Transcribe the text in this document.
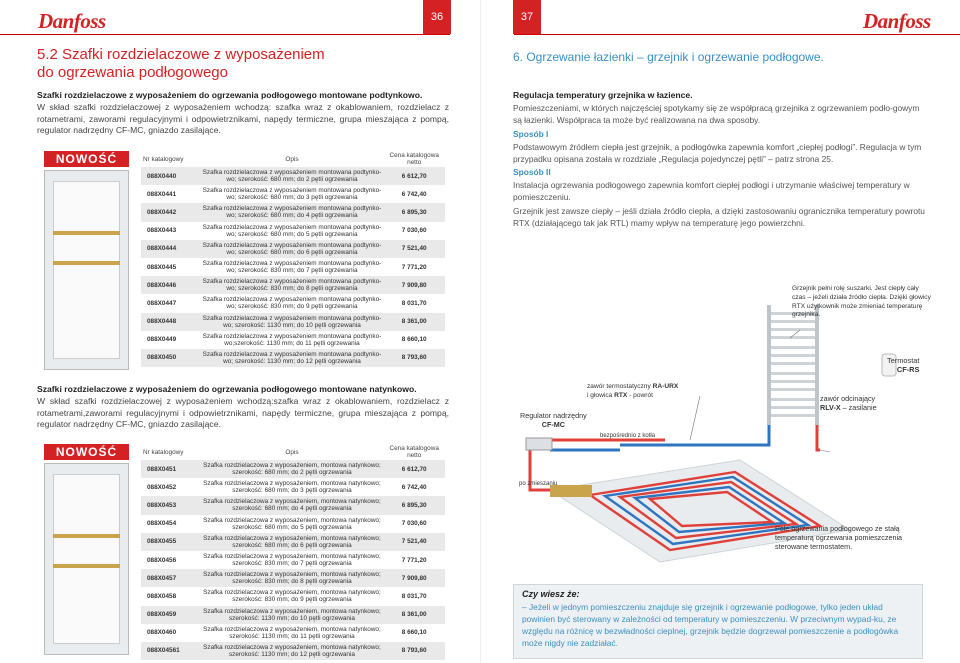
Danfoss	36
5.2 Szafki rozdzielaczowe z wyposażeniem
do ogrzewania podłogowego
Szafki rozdzielaczowe z wyposażeniem do ogrzewania podłogowego montowane podtynkowo.
W skład szafki rozdzielaczowej z wyposażeniem wchodzą: szafka wraz z okablowaniem, rozdzielacz z rotametrami, zaworami regulacyjnymi i odpowietrznikami, napędy termiczne, grupa mieszająca z pompą, regulator nadrzędny CF-MC, gniazdo zasilające.
NOWOŚĆ	Nr katalogowy	Opis	Cena katalogowa netto
088X0440	Szafka rozdzielaczowa z wyposażeniem montowana podtynko-wo; szerokość: 680 mm; do 2 pętli ogrzewania	6 612,70
088X0441	Szafka rozdzielaczowa z wyposażeniem montowana podtynko-wo; szerokość: 680 mm; do 3 pętli ogrzewania	6 742,40
088X0442	Szafka rozdzielaczowa z wyposażeniem montowana podtynko-wo; szerokość: 680 mm; do 4 pętli ogrzewania	6 895,30
088X0443	Szafka rozdzielaczowa z wyposażeniem montowana podtynko-wo; szerokość: 680 mm; do 5 pętli ogrzewania	7 030,60
088X0444	Szafka rozdzielaczowa z wyposażeniem montowana podtynko-wo; szerokość: 680 mm; do 6 pętli ogrzewania	7 521,40
088X0445	Szafka rozdzielaczowa z wyposażeniem montowana podtynko-wo; szerokość: 830 mm; do 7 pętli ogrzewania	7 771,20
088X0446	Szafka rozdzielaczowa z wyposażeniem montowana podtynko-wo; szerokość: 830 mm; do 8 pętli ogrzewania	7 909,80
088X0447	Szafka rozdzielaczowa z wyposażeniem montowana podtynko-wo; szerokość: 830 mm; do 9 pętli ogrzewania	8 031,70
088X0448	Szafka rozdzielaczowa z wyposażeniem montowana podtynko-wo; szerokość: 1130 mm; do 10 pętli ogrzewania	8 361,00
088X0449	Szafka rozdzielaczowa z wyposażeniem montowana podtynko-wo;szerokość: 1130 mm; do 11 pętli ogrzewania	8 660,10
088X0450	Szafka rozdzielaczowa z wyposażeniem montowana podtynko-wo; szerokość: 1130 mm; do 12 pętli ogrzewania	8 793,60
Szafki rozdzielaczowe z wyposażeniem do ogrzewania podłogowego montowane natynkowo.
W skład szafki rozdzielaczowej z wyposażeniem wchodzą:szafka wraz z okablowaniem, rozdzielacz z rotametrami,zaworami regulacyjnymi i odpowietrznikami, napędy termiczne, grupa mieszająca z pompą, regulator nadrzędny CF-MC, gniazdo zasilające.
NOWOŚĆ	Nr katalogowy	Opis	Cena katalogowa netto
088X0451	Szafka rozdzielaczowa z wyposażeniem, montowa natynkowo; szerokość: 680 mm; do 2 pętli ogrzewania	6 612,70
088X0452	Szafka rozdzielaczowa z wyposażeniem, montowa natynkowo; szerokość: 680 mm; do 3 pętli ogrzewania	6 742,40
088X0453	Szafka rozdzielaczowa z wyposażeniem, montowa natynkowo; szerokość: 680 mm; do 4 pętli ogrzewania	6 895,30
088X0454	Szafka rozdzielaczowa z wyposażeniem, montowa natynkowo; szerokość: 680 mm; do 5 pętli ogrzewania	7 030,60
088X0455	Szafka rozdzielaczowa z wyposażeniem, montowa natynkowo; szerokość: 680 mm; do 6 pętli ogrzewania	7 521,40
088X0456	Szafka rozdzielaczowa z wyposażeniem, montowa natynkowo; szerokość: 830 mm; do 7 pętli ogrzewania	7 771,20
088X0457	Szafka rozdzielaczowa z wyposażeniem, montowa natynkowo; szerokość: 830 mm; do 8 pętli ogrzewania	7 909,80
088X0458	Szafka rozdzielaczowa z wyposażeniem, montowa natynkowo; szerokość: 830 mm; do 9 pętli ogrzewania	8 031,70
088X0459	Szafka rozdzielaczowa z wyposażeniem, montowa natynkowo; szerokość: 1130 mm; do 10 pętli ogrzewania	8 361,00
088X0460	Szafka rozdzielaczowa z wyposażeniem, montowa natynkowo; szerokość: 1130 mm; do 11 pętli ogrzewania	8 660,10
088X04561	Szafka rozdzielaczowa z wyposażeniem, montowa natynkowo; szerokość: 1130 mm; do 12 pętli ogrzewania	8 793,60
37	Danfoss
6. Ogrzewanie łazienki – grzejnik i ogrzewanie podłogowe.
Regulacja temperatury grzejnika w łazience.
Pomieszczeniami, w których najczęściej spotykamy się ze współpracą grzejnika z ogrzewaniem podło-gowym są łazienki. Współpraca ta może być realizowana na dwa sposoby.
Sposób I
Podstawowym źródłem ciepła jest grzejnik, a podłogówka zapewnia komfort „ciepłej podłogi”. Regulacja w tym przypadku opisana została w rozdziale „Regulacja pojedynczej pętli” – patrz strona 25.
Sposób II
Instalacja ogrzewania podłogowego zapewnia komfort ciepłej podłogi i utrzymanie właściwej temperatury w pomieszczeniu.
Grzejnik jest zawsze ciepły – jeśli działa źródło ciepła, a dzięki zastosowaniu ogranicznika temperatury powrotu RTX (działającego tak jak RTL) mamy wpływ na temperaturę jego powierzchni.
Grzejnik pełni rolę suszarki. Jest ciepły cały czas – jeżeli działa źródło ciepła. Dzięki głowicy RTX użytkownik może zmieniać temperaturę grzejnika.
Termostat
CF-RS
zawór termostatyczny RA-URX
i głowica RTX - powrót	zawór odcinający
RLV-X – zasilanie
Regulator nadrzędny
CF-MC
bezpośrednio z kotła
po zmieszaniu
Pole ogrzewania podłogowego ze stałą temperaturą ogrzewania pomieszczenia sterowane termostatem.
Czy wiesz że:
– Jeżeli w jednym pomieszczeniu znajduje się grzejnik i ogrzewanie podłogowe, tylko jeden układ powinien być sterowany w zależności od temperatury w pomieszczeniu. W przeciwnym wypad-ku, ze względu na różnicę w bezwładności cieplnej, grzejnik będzie dogrzewał pomieszczenie a podłogówka może nigdy nie zadziałać.
